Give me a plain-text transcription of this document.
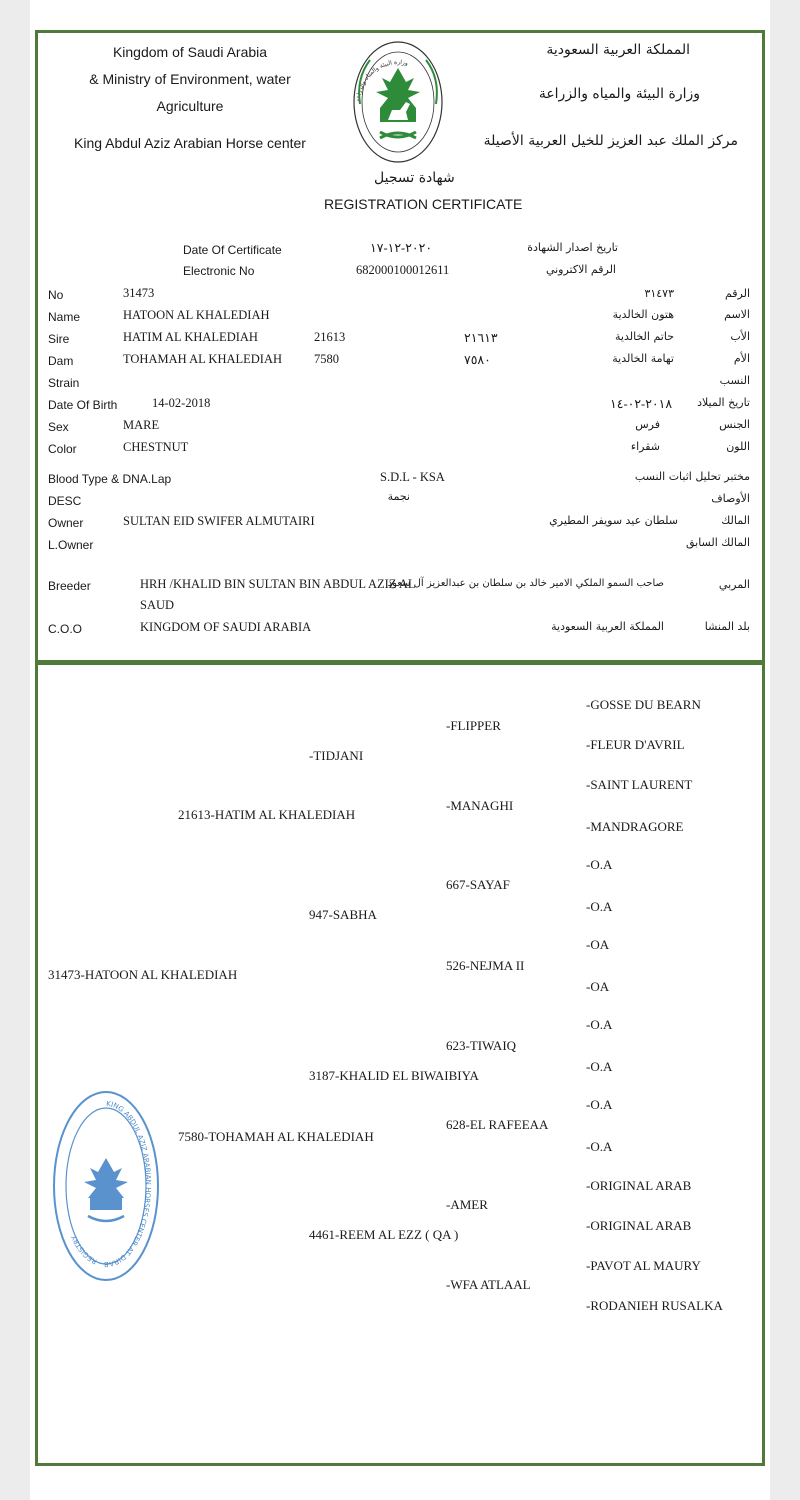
Kingdom of Saudi Arabia
& Ministry of Environment, water
Agriculture
King Abdul Aziz Arabian Horse center
المملكة العربية السعودية
وزارة البيئة والمياه والزراعة
مركز الملك عبد العزيز للخيل العربية الأصيلة
وزارة البيئة والمياه والزراعة
شهادة تسجيل
REGISTRATION CERTIFICATE
Date Of Certificate	٢٠٢٠-١٢-١٧	تاريخ اصدار الشهادة
Electronic No	682000100012611	الرقم الاكتروني
No	31473	٣١٤٧٣	الرقم
Name	HATOON AL KHALEDIAH	هتون الخالدية	الاسم
Sire	HATIM AL KHALEDIAH	21613	٢١٦١٣	حاتم الخالدية	الأب
Dam	TOHAMAH AL KHALEDIAH	7580	٧٥٨٠	تهامة الخالدية	الأم
Strain	النسب
Date Of Birth	14-02-2018	٢٠١٨-٠٢-١٤ تاريخ الميلاد
Sex	MARE	فرس	الجنس
Color	CHESTNUT	شقراء	اللون
Blood Type & DNA.Lap	S.D.L - KSA	مختبر تحليل اثبات النسب
DESC	نجمة	الأوصاف
Owner	SULTAN EID SWIFER ALMUTAIRI	سلطان عيد سويفر المطيري	المالك
L.Owner	المالك السابق
Breeder	HRH /KHALID BIN SULTAN BIN ABDUL AZIZ AL
SAUD
صاحب السمو الملكي الامير خالد بن سلطان بن عبدالعزيز آل سعود	المربي
C.O.O	KINGDOM OF SAUDI ARABIA	المملكة العربية السعودية	بلد المنشا
31473-HATOON AL KHALEDIAH
21613-HATIM AL KHALEDIAH
7580-TOHAMAH AL KHALEDIAH
-TIDJANI
947-SABHA
3187-KHALID EL BIWAIBIYA
4461-REEM AL EZZ ( QA )
-FLIPPER
-MANAGHI
667-SAYAF
526-NEJMA II
623-TIWAIQ
628-EL RAFEEAA
-AMER
-WFA ATLAAL
-GOSSE DU BEARN
-FLEUR D'AVRIL
-SAINT LAURENT
-MANDRAGORE
-O.A
-O.A
-OA
-OA
-O.A
-O.A
-O.A
-O.A
-ORIGINAL ARAB
-ORIGINAL ARAB
-PAVOT AL MAURY
-RODANIEH RUSALKA
KING ABDUL AZIZ ARABIAN HORSES CENTER AT DIRAB · REGISTRY
